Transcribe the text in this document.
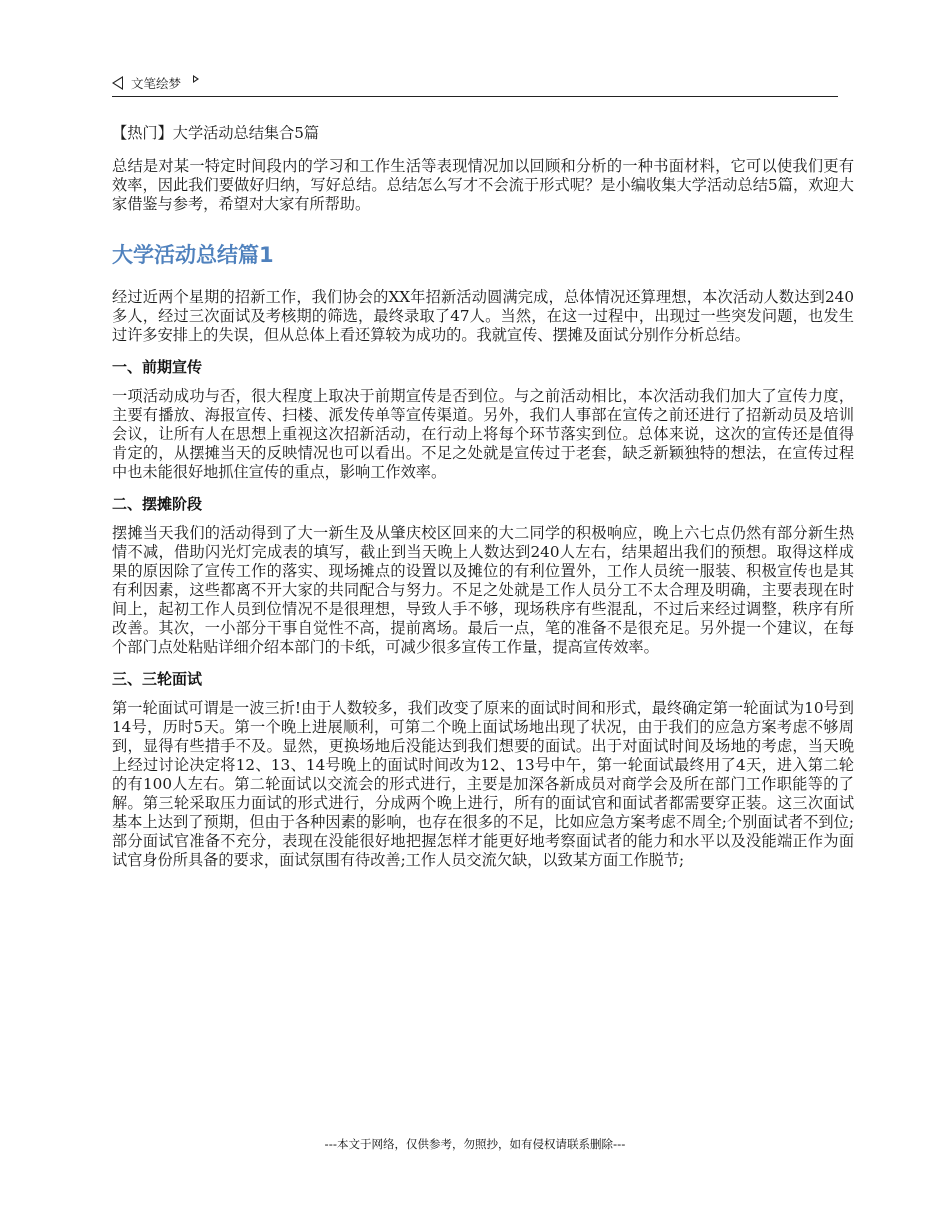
文笔绘梦

【热门】大学活动总结集合5篇

总结是对某一特定时间段内的学习和工作生活等表现情况加以回顾和分析的一种书面材料，它可以使我们更有效率，因此我们要做好归纳，写好总结。总结怎么写才不会流于形式呢？是小编收集大学活动总结5篇，欢迎大家借鉴与参考，希望对大家有所帮助。

大学活动总结篇1

经过近两个星期的招新工作，我们协会的XX年招新活动圆满完成，总体情况还算理想，本次活动人数达到240多人，经过三次面试及考核期的筛选，最终录取了47人。当然，在这一过程中，出现过一些突发问题，也发生过许多安排上的失误，但从总体上看还算较为成功的。我就宣传、摆摊及面试分别作分析总结。

一、前期宣传

一项活动成功与否，很大程度上取决于前期宣传是否到位。与之前活动相比，本次活动我们加大了宣传力度，主要有播放、海报宣传、扫楼、派发传单等宣传渠道。另外，我们人事部在宣传之前还进行了招新动员及培训会议，让所有人在思想上重视这次招新活动，在行动上将每个环节落实到位。总体来说，这次的宣传还是值得肯定的，从摆摊当天的反映情况也可以看出。不足之处就是宣传过于老套，缺乏新颖独特的想法，在宣传过程中也未能很好地抓住宣传的重点，影响工作效率。

二、摆摊阶段

摆摊当天我们的活动得到了大一新生及从肇庆校区回来的大二同学的积极响应，晚上六七点仍然有部分新生热情不减，借助闪光灯完成表的填写，截止到当天晚上人数达到240人左右，结果超出我们的预想。取得这样成果的原因除了宣传工作的落实、现场摊点的设置以及摊位的有利位置外，工作人员统一服装、积极宣传也是其有利因素，这些都离不开大家的共同配合与努力。不足之处就是工作人员分工不太合理及明确，主要表现在时间上，起初工作人员到位情况不是很理想，导致人手不够，现场秩序有些混乱，不过后来经过调整，秩序有所改善。其次，一小部分干事自觉性不高，提前离场。最后一点，笔的准备不是很充足。另外提一个建议，在每个部门点处粘贴详细介绍本部门的卡纸，可减少很多宣传工作量，提高宣传效率。

三、三轮面试

第一轮面试可谓是一波三折!由于人数较多，我们改变了原来的面试时间和形式，最终确定第一轮面试为10号到14号，历时5天。第一个晚上进展顺利，可第二个晚上面试场地出现了状况，由于我们的应急方案考虑不够周到，显得有些措手不及。显然，更换场地后没能达到我们想要的面试。出于对面试时间及场地的考虑，当天晚上经过讨论决定将12、13、14号晚上的面试时间改为12、13号中午，第一轮面试最终用了4天，进入第二轮的有100人左右。第二轮面试以交流会的形式进行，主要是加深各新成员对商学会及所在部门工作职能等的了解。第三轮采取压力面试的形式进行，分成两个晚上进行，所有的面试官和面试者都需要穿正装。这三次面试基本上达到了预期，但由于各种因素的影响，也存在很多的不足，比如应急方案考虑不周全;个别面试者不到位;部分面试官准备不充分，表现在没能很好地把握怎样才能更好地考察面试者的能力和水平以及没能端正作为面试官身份所具备的要求，面试氛围有待改善;工作人员交流欠缺，以致某方面工作脱节;

---本文于网络，仅供参考，勿照抄，如有侵权请联系删除---
